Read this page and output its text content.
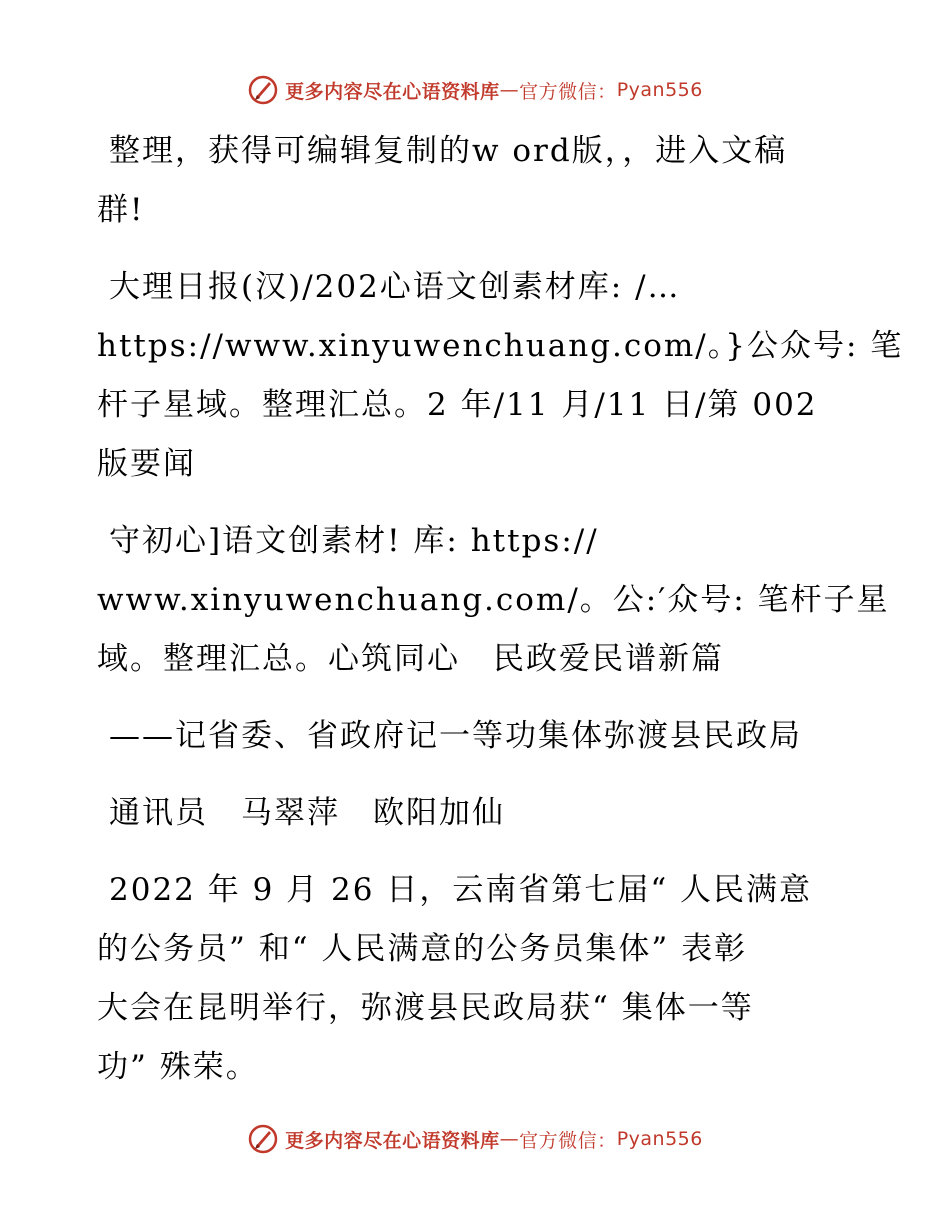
更多内容尽在心语资料库 — 官方微信： Pyan556

整理，获得可编辑复制的w ord版，，进入文稿
群!

大理日报(汉)/202心语文创素材库: /…
https://www.xinyuwenchuang.com/。}公众号: 笔
杆子星域。整理汇总。2 年/11 月/11 日/第 002
版要闻

守初心]语文创素材! 库: https://
www.xinyuwenchuang.com/。公:′众号: 笔杆子星
域。整理汇总。心筑同心　民政爱民谱新篇

——记省委、省政府记一等功集体弥渡县民政局

通讯员　马翠萍　欧阳加仙

2022 年 9 月 26 日，云南省第七届“ 人民满意
的公务员” 和“ 人民满意的公务员集体” 表彰
大会在昆明举行，弥渡县民政局获“ 集体一等
功” 殊荣。

更多内容尽在心语资料库 — 官方微信： Pyan556
